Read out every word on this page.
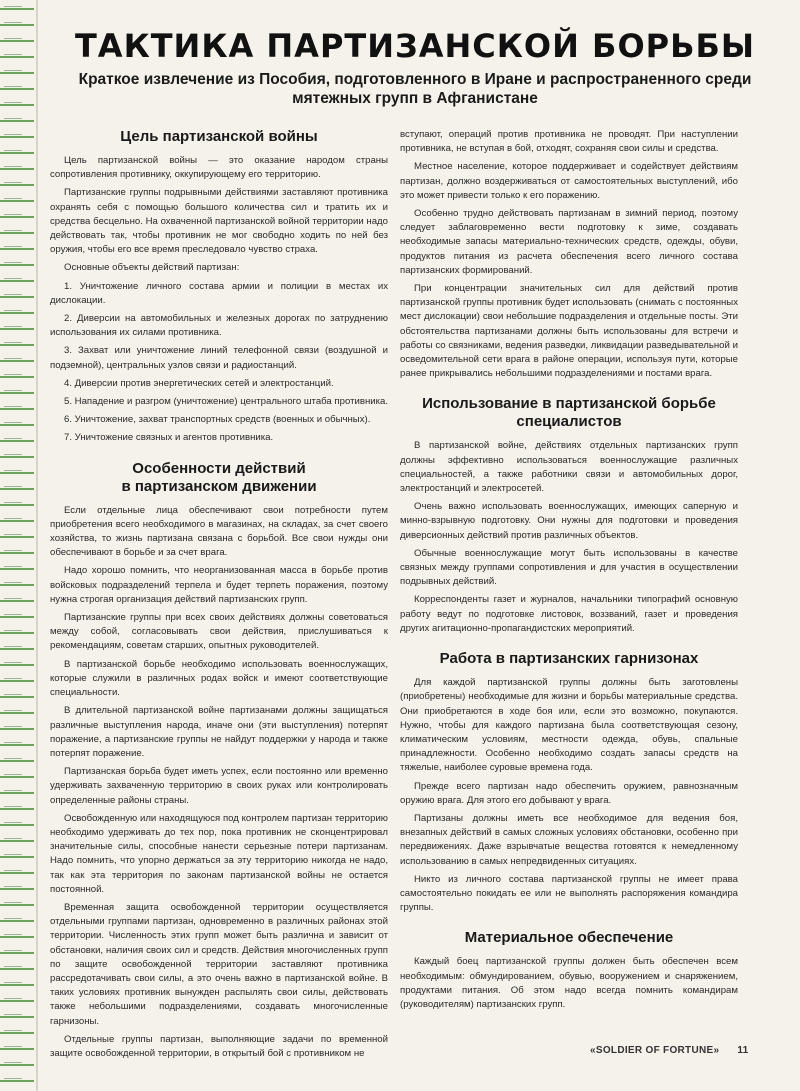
ТАКТИКА ПАРТИЗАНСКОЙ БОРЬБЫ

Краткое извлечение из Пособия, подготовленного в Иране и распространенного среди мятежных групп в Афганистане

Цель партизанской войны

Цель партизанской войны — это оказание народом страны сопротивления противнику, оккупирующему его территорию.

Партизанские группы подрывными действиями заставляют противника охранять себя с помощью большого количества сил и тратить их и средства бесцельно. На охваченной партизанской войной территории надо действовать так, чтобы противник не мог свободно ходить по ней без оружия, чтобы его все время преследовало чувство страха.

Основные объекты действий партизан:

1. Уничтожение личного состава армии и полиции в местах их дислокации.

2. Диверсии на автомобильных и железных дорогах по затруднению использования их силами противника.

3. Захват или уничтожение линий телефонной связи (воздушной и подземной), центральных узлов связи и радиостанций.

4. Диверсии против энергетических сетей и электростанций.

5. Нападение и разгром (уничтожение) центрального штаба противника.

6. Уничтожение, захват транспортных средств (военных и обычных).

7. Уничтожение связных и агентов противника.

Особенности действий
в партизанском движении

Если отдельные лица обеспечивают свои потребности путем приобретения всего необходимого в магазинах, на складах, за счет своего хозяйства, то жизнь партизана связана с борьбой. Все свои нужды они обеспечивают в борьбе и за счет врага.

Надо хорошо помнить, что неорганизованная масса в борьбе против войсковых подразделений терпела и будет терпеть поражения, поэтому нужна строгая организация действий партизанских групп.

Партизанские группы при всех своих действиях должны советоваться между собой, согласовывать свои действия, прислушиваться к рекомендациям, советам старших, опытных руководителей.

В партизанской борьбе необходимо использовать военнослужащих, которые служили в различных родах войск и имеют соответствующие специальности.

В длительной партизанской войне партизанами должны защищаться различные выступления народа, иначе они (эти выступления) потерпят поражение, а партизанские группы не найдут поддержки у народа и также потерпят поражение.

Партизанская борьба будет иметь успех, если постоянно или временно удерживать захваченную территорию в своих руках или контролировать определенные районы страны.

Освобожденную или находящуюся под контролем партизан территорию необходимо удерживать до тех пор, пока противник не сконцентрировал значительные силы, способные нанести серьезные потери партизанам. Надо помнить, что упорно держаться за эту территорию никогда не надо, так как эта территория по законам партизанской войны не остается постоянной.

Временная защита освобожденной территории осуществляется отдельными группами партизан, одновременно в различных районах этой территории. Численность этих групп может быть различна и зависит от обстановки, наличия своих сил и средств. Действия многочисленных групп по защите освобожденной территории заставляют противника рассредотачивать свои силы, а это очень важно в партизанской войне. В таких условиях противник вынужден распылять свои силы, действовать также небольшими подразделениями, создавать многочисленные гарнизоны.

Отдельные группы партизан, выполняющие задачи по временной защите освобожденной территории, в открытый бой с противником не

вступают, операций против противника не проводят. При наступлении противника, не вступая в бой, отходят, сохраняя свои силы и средства.

Местное население, которое поддерживает и содействует действиям партизан, должно воздерживаться от самостоятельных выступлений, ибо это может привести только к его поражению.

Особенно трудно действовать партизанам в зимний период, поэтому следует заблаговременно вести подготовку к зиме, создавать необходимые запасы материально-технических средств, одежды, обуви, продуктов питания из расчета обеспечения всего личного состава партизанских формирований.

При концентрации значительных сил для действий против партизанской группы противник будет использовать (снимать с постоянных мест дислокации) свои небольшие подразделения и отдельные посты. Эти обстоятельства партизанами должны быть использованы для встречи и работы со связниками, ведения разведки, ликвидации разведывательной и осведомительной сети врага в районе операции, используя пути, которые ранее прикрывались небольшими подразделениями и постами врага.

Использование в партизанской борьбе
специалистов

В партизанской войне, действиях отдельных партизанских групп должны эффективно использоваться военнослужащие различных специальностей, а также работники связи и автомобильных дорог, электростанций и электросетей.

Очень важно использовать военнослужащих, имеющих саперную и минно-взрывную подготовку. Они нужны для подготовки и проведения диверсионных действий против различных объектов.

Обычные военнослужащие могут быть использованы в качестве связных между группами сопротивления и для участия в осуществлении подрывных действий.

Корреспонденты газет и журналов, начальники типографий основную работу ведут по подготовке листовок, воззваний, газет и проведения других агитационно-пропагандистских мероприятий.

Работа в партизанских гарнизонах

Для каждой партизанской группы должны быть заготовлены (приобретены) необходимые для жизни и борьбы материальные средства. Они приобретаются в ходе боя или, если это возможно, покупаются. Нужно, чтобы для каждого партизана была соответствующая сезону, климатическим условиям, местности одежда, обувь, спальные принадлежности. Особенно необходимо создать запасы средств на тяжелые, наиболее суровые времена года.

Прежде всего партизан надо обеспечить оружием, равнозначным оружию врага. Для этого его добывают у врага.

Партизаны должны иметь все необходимое для ведения боя, внезапных действий в самых сложных условиях обстановки, особенно при передвижениях. Даже взрывчатые вещества готовятся к немедленному использованию в самых непредвиденных ситуациях.

Никто из личного состава партизанской группы не имеет права самостоятельно покидать ее или не выполнять распоряжения командира группы.

Материальное обеспечение

Каждый боец партизанской группы должен быть обеспечен всем необходимым: обмундированием, обувью, вооружением и снаряжением, продуктами питания. Об этом надо всегда помнить командирам (руководителям) партизанских групп.

«SOLDIER OF FORTUNE» 11
